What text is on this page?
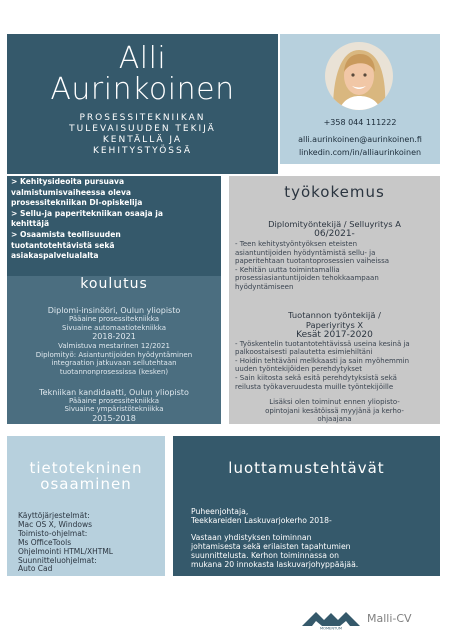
Alli
Aurinkoinen
PROSESSITEKNIIKAN
TULEVAISUUDEN TEKIJÄ
KENTÄLLÄ JA
KEHITYSTYÖSSÄ
+358 044 111222
alli.aurinkoinen@aurinkoinen.fi
linkedin.com/in/alliaurinkoinen
> Kehitysideoita pursuava
valmistumisvaiheessa oleva
prosessitekniikan DI-opiskelija
> Sellu-ja paperitekniikan osaaja ja
kehittäjä
> Osaamista teollisuuden
tuotantotehtävistä sekä
asiakaspalvelualalta
koulutus
Diplomi-insinööri, Oulun yliopisto
Pääaine prosessitekniikka
Sivuaine automaatiotekniikka
2018-2021
Valmistuva mestarinen 12/2021
Diplomityö: Asiantuntijoiden hyödyntäminen
integraation jatkuvaan sellutehtaan
tuotannonprosessissa (kesken)
Tekniikan kandidaatti, Oulun yliopisto
Pääaine prosessitekniikka
Sivuaine ympäristötekniikka
2015-2018
työkokemus
Diplomityöntekijä / Selluyritys A
06/2021-
- Teen kehitystyöntyöksen eteisten
asiantuntijoiden hyödyntämistä sellu- ja
paperitehtaan tuotantoprosessien vaiheissa
- Kehitän uutta toimintamallia
prosessiasiantuntijoiden tehokkaampaan
hyödyntämiseen
Tuotannon työntekijä /
Paperiyritys X
Kesät 2017-2020
- Työskentelin tuotantotehtävissä useina kesinä ja
palkoostaisesti palautetta esimiehiltäni
- Hoidin tehtäväni melkkaasti ja sain myöhemmin
uuden työntekijöiden perehdytykset
- Sain kiitosta sekä esitä perehdytyksistä sekä
reilusta työkaveruudesta muille työntekijöille
Lisäksi olen toiminut ennen yliopisto-
opintojani kesätöissä myyjänä ja kerho-
ohjaajana
tietotekninen
osaaminen
Käyttöjärjestelmät:
Mac OS X, Windows
Toimisto-ohjelmat:
Ms OfficeTools
Ohjelmointi HTML/XHTML
Suunnitteluohjelmat:
Auto Cad
luottamustehtävät
Puheenjohtaja,
Teekkareiden Laskuvarjokerho 2018-
Vastaan yhdistyksen toiminnan
johtamisesta sekä erilaisten tapahtumien
suunnittelusta. Kerhon toiminnassa on
mukana 20 innokasta laskuvarjohyppääjää.
MOMENTUM
Malli-CV
